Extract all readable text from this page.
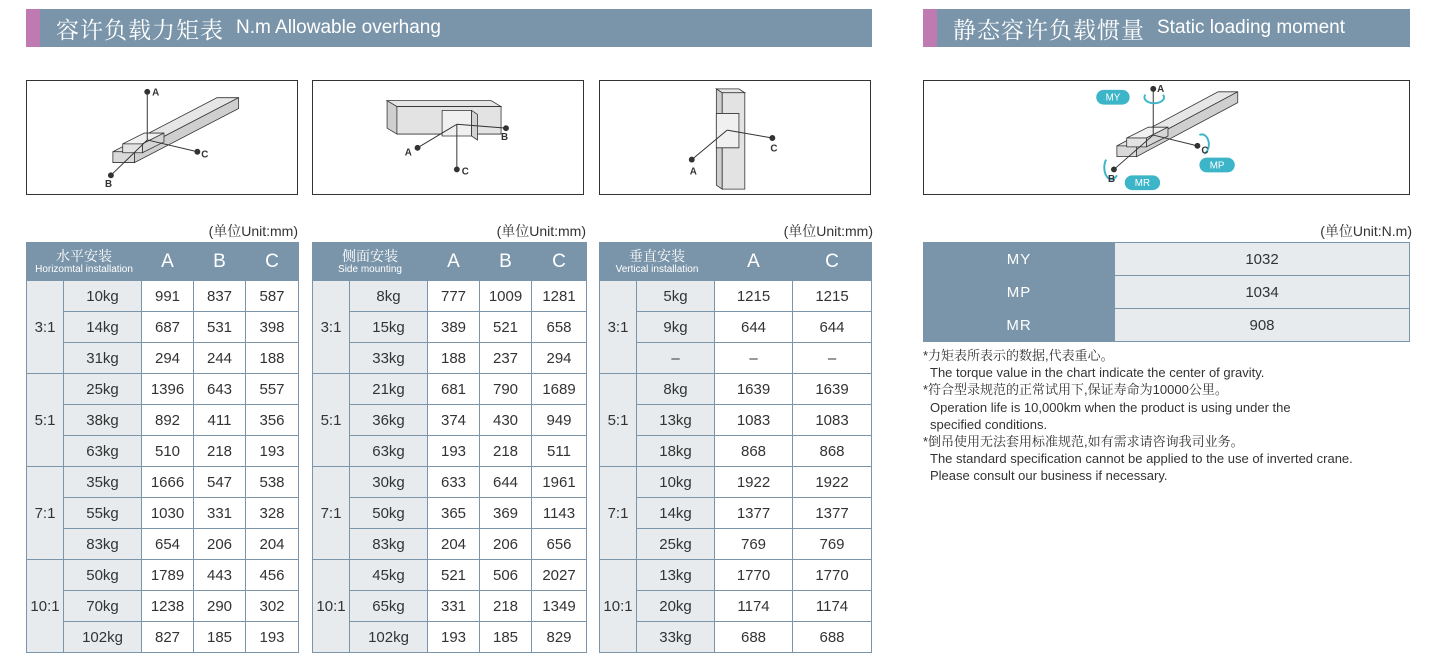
容许负载力矩表 N.m Allowable overhang	静态容许负载惯量 Static loading moment
A
C
B
A
C
B
A
C
MY
MP
MR
A
C
B
(单位Unit:mm)	(单位Unit:mm)	(单位Unit:mm)	(单位Unit:N.m)
水平安装
Horizomtal installation		A	B	C
3:1	10kg	991	837	587
	14kg	687	531	398
	31kg	294	244	188
5:1	25kg	1396	643	557
	38kg	892	411	356
	63kg	510	218	193
7:1	35kg	1666	547	538
	55kg	1030	331	328
	83kg	654	206	204
10:1	50kg	1789	443	456
	70kg	1238	290	302
	102kg	827	185	193
侧面安装
Side mounting		A	B	C
3:1	8kg	777	1009	1281
	15kg	389	521	658
	33kg	188	237	294
5:1	21kg	681	790	1689
	36kg	374	430	949
	63kg	193	218	511
7:1	30kg	633	644	1961
	50kg	365	369	1143
	83kg	204	206	656
10:1	45kg	521	506	2027
	65kg	331	218	1349
	102kg	193	185	829
垂直安装
Vertical installation		A	C
3:1	5kg	1215	1215
	9kg	644	644
	–	–	–
5:1	8kg	1639	1639
	13kg	1083	1083
	18kg	868	868
7:1	10kg	1922	1922
	14kg	1377	1377
	25kg	769	769
10:1	13kg	1770	1770
	20kg	1174	1174
	33kg	688	688
MY	1032
MP	1034
MR	908

*力矩表所表示的数据,代表重心。

The torque value in the chart indicate the center of gravity.

*符合型录规范的正常试用下,保证寿命为10000公里。

Operation life is 10,000km when the product is using under the

specified conditions.

*倒吊使用无法套用标准规范,如有需求请咨询我司业务。

The standard specification cannot be applied to the use of inverted crane.

Please consult our business if necessary.
